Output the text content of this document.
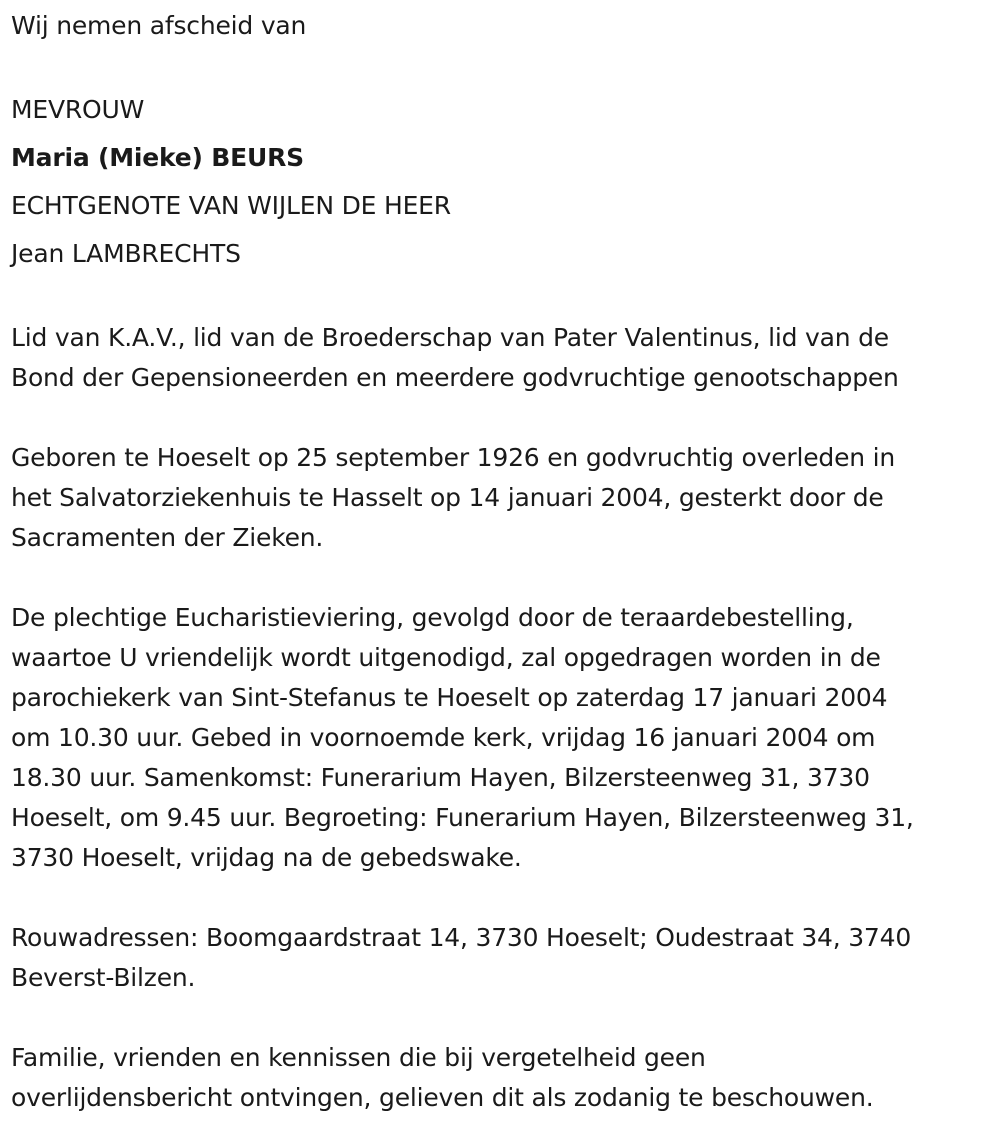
Wij nemen afscheid van

MEVROUW
Maria (Mieke) BEURS
ECHTGENOTE VAN WIJLEN DE HEER
Jean LAMBRECHTS

Lid van K.A.V., lid van de Broederschap van Pater Valentinus, lid van de
Bond der Gepensioneerden en meerdere godvruchtige genootschappen

Geboren te Hoeselt op 25 september 1926 en godvruchtig overleden in
het Salvatorziekenhuis te Hasselt op 14 januari 2004, gesterkt door de
Sacramenten der Zieken.

De plechtige Eucharistieviering, gevolgd door de teraardebestelling,
waartoe U vriendelijk wordt uitgenodigd, zal opgedragen worden in de
parochiekerk van Sint-Stefanus te Hoeselt op zaterdag 17 januari 2004
om 10.30 uur. Gebed in voornoemde kerk, vrijdag 16 januari 2004 om
18.30 uur. Samenkomst: Funerarium Hayen, Bilzersteenweg 31, 3730
Hoeselt, om 9.45 uur. Begroeting: Funerarium Hayen, Bilzersteenweg 31,
3730 Hoeselt, vrijdag na de gebedswake.

Rouwadressen: Boomgaardstraat 14, 3730 Hoeselt; Oudestraat 34, 3740
Beverst-Bilzen.

Familie, vrienden en kennissen die bij vergetelheid geen
overlijdensbericht ontvingen, gelieven dit als zodanig te beschouwen.
